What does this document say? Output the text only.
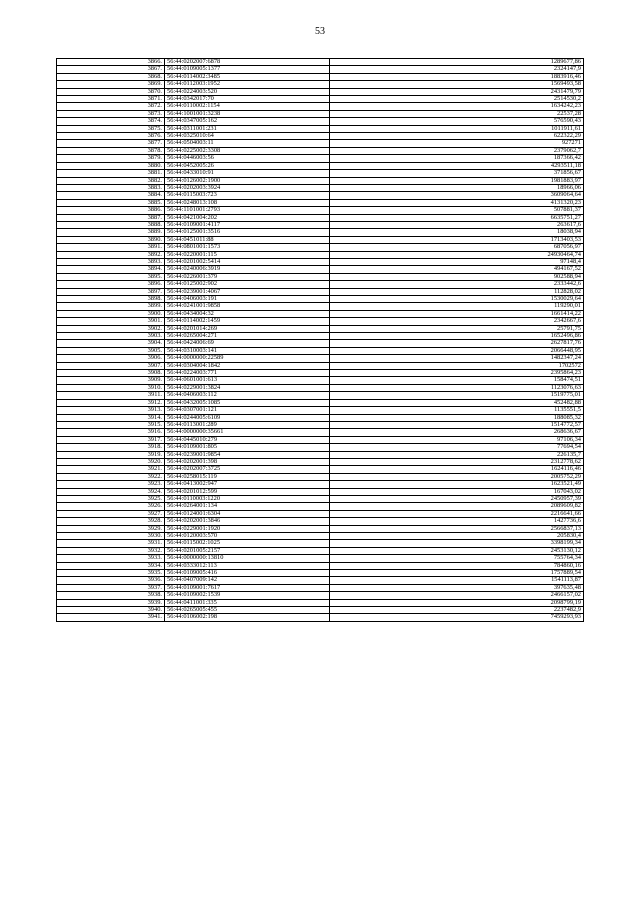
53
3866.	56:44:0202007:6878	1289677,86
3867.	56:44:0109005:1377	2324147,9
3868.	56:44:0114002:3485	1883916,46
3869.	56:44:0112003:1952	1569493,58
3870.	56:44:0224003:520	2431479,79
3871.	56:44:0342017:70	2514530,2
3872.	56:44:0110002:1154	1634242,23
3873.	56:44:1001001:3238	22537,28
3874.	56:44:0347005:162	576590,43
3875.	56:44:0311001:231	1011911,61
3876.	56:44:0325010:64	622322,29
3877.	56:44:0504003:11	927271
3878.	56:44:0225002:3308	2379062,7
3879.	56:44:0446003:56	187366,42
3880.	56:44:0452005:26	4293511,18
3881.	56:44:0433010:91	371856,67
3882.	56:44:0126002:1900	1981883,97
3883.	56:44:0202003:3924	18966,06
3884.	56:44:0115003:723	3609064,64
3885.	56:44:0248013:108	4131320,23
3886.	56:44:1101001:2793	507881,37
3887.	56:44:0421004:202	6635751,27
3888.	56:44:0109001:4117	263617,6
3889.	56:44:0125001:3516	18038,94
3890.	56:44:0451011:88	1713403,53
3891.	56:44:0801001:1573	687056,97
3892.	56:44:0220001:115	24930464,74
3893.	56:44:0201002:5414	97148,4
3894.	56:44:0240006:3919	494167,52
3895.	56:44:0226001:379	902588,94
3896.	56:44:0125002:902	2333442,6
3897.	56:44:0239001:4067	112828,02
3898.	56:44:0406003:191	1530029,64
3899.	56:44:0241001:9858	119290,01
3900.	56:44:0434004:32	1661414,22
3901.	56:44:0114002:1459	2342667,6
3902.	56:44:0201014:269	25791,75
3903.	56:44:0265004:271	1652496,86
3904.	56:44:0424006:69	2627817,76
3905.	56:44:0310003:141	2066448,95
3906.	56:44:0000000:22589	1482347,24
3907.	56:44:0304004:1842	1702572
3908.	56:44:0224003:771	2395864,23
3909.	56:44:0601001:613	158474,51
3910.	56:44:0229001:3824	1123076,63
3911.	56:44:0406003:112	1519775,01
3912.	56:44:0432005:1085	452482,88
3913.	56:44:0307001:121	1135551,5
3914.	56:44:0244005:6109	188085,32
3915.	56:44:0113001:289	1514772,57
3916.	56:44:0000000:35661	268636,67
3917.	56:44:0445010:279	97106,34
3918.	56:44:0109001:805	77694,54
3919.	56:44:0239001:9854	226135,7
3920.	56:44:0202001:398	2312778,62
3921.	56:44:0202007:3725	1624116,46
3922.	56:44:0258015:119	2005752,29
3923.	56:44:0413002:947	1623521,49
3924.	56:44:0201012:599	167043,02
3925.	56:44:0110003:1220	2450957,39
3926.	56:44:0264001:134	2089609,82
3927.	56:44:0124001:6304	2216641,66
3928.	56:44:0202001:3846	1427736,6
3929.	56:44:0229001:1920	2566837,13
3930.	56:44:0120003:570	205830,4
3931.	56:44:0115002:1025	3398199,34
3932.	56:44:0201005:2157	2453130,12
3933.	56:44:0000000:13810	755764,34
3934.	56:44:0333012:113	784860,16
3935.	56:44:0109005:416	1757889,54
3936.	56:44:0407009:142	1541113,87
3937.	56:44:0109001:7617	397635,48
3938.	56:44:0109002:1539	2466157,02
3939.	56:44:0411001:335	2098799,19
3940.	56:44:0265005:455	2237482,9
3941.	56:44:0106002:198	7459293,93
